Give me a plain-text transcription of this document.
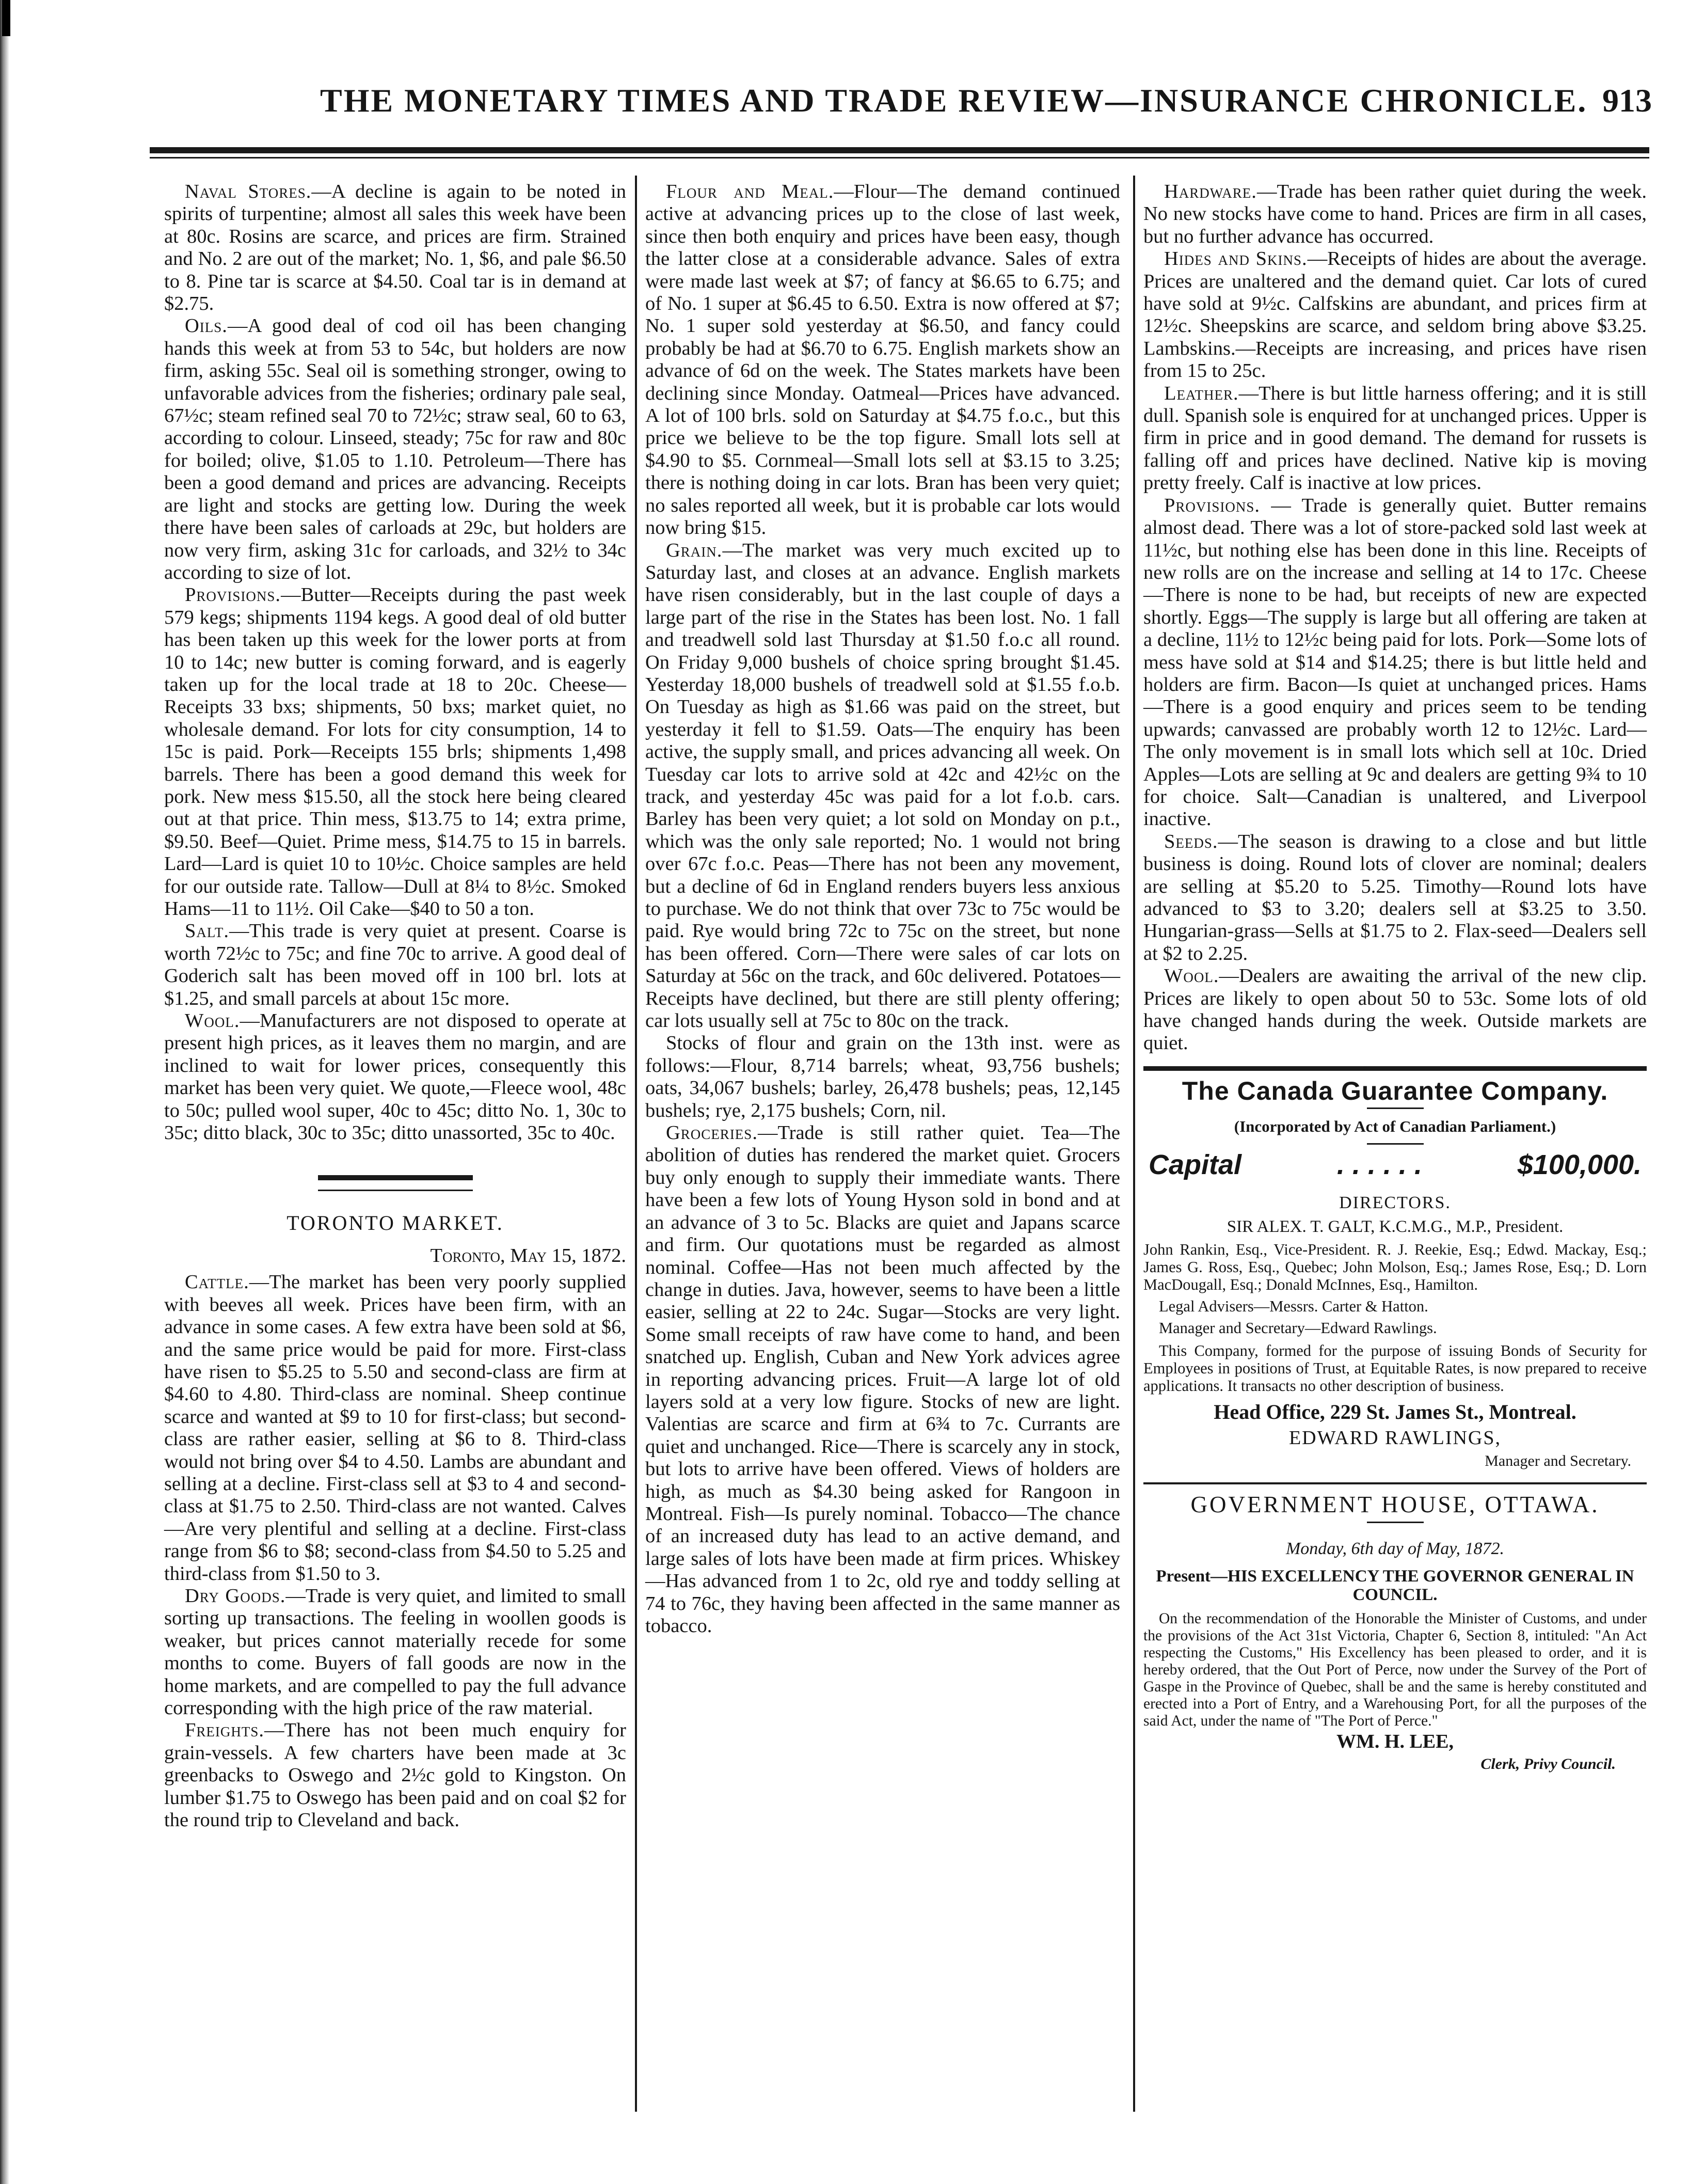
THE MONETARY TIMES AND TRADE REVIEW—INSURANCE CHRONICLE. 913

Naval Stores.—A decline is again to be noted in spirits of turpentine; almost all sales this week have been at 80c. Rosins are scarce, and prices are firm. Strained and No. 2 are out of the market; No. 1, $6, and pale $6.50 to 8. Pine tar is scarce at $4.50. Coal tar is in demand at $2.75.

Oils.—A good deal of cod oil has been changing hands this week at from 53 to 54c, but holders are now firm, asking 55c. Seal oil is something stronger, owing to unfavorable advices from the fisheries; ordinary pale seal, 67½c; steam refined seal 70 to 72½c; straw seal, 60 to 63, according to colour. Linseed, steady; 75c for raw and 80c for boiled; olive, $1.05 to 1.10. Petroleum—There has been a good demand and prices are advancing. Receipts are light and stocks are getting low. During the week there have been sales of carloads at 29c, but holders are now very firm, asking 31c for carloads, and 32½ to 34c according to size of lot.

Provisions.—Butter—Receipts during the past week 579 kegs; shipments 1194 kegs. A good deal of old butter has been taken up this week for the lower ports at from 10 to 14c; new butter is coming forward, and is eagerly taken up for the local trade at 18 to 20c. Cheese—Receipts 33 bxs; shipments, 50 bxs; market quiet, no wholesale demand. For lots for city consumption, 14 to 15c is paid. Pork—Receipts 155 brls; shipments 1,498 barrels. There has been a good demand this week for pork. New mess $15.50, all the stock here being cleared out at that price. Thin mess, $13.75 to 14; extra prime, $9.50. Beef—Quiet. Prime mess, $14.75 to 15 in barrels. Lard—Lard is quiet 10 to 10½c. Choice samples are held for our outside rate. Tallow—Dull at 8¼ to 8½c. Smoked Hams—11 to 11½. Oil Cake—$40 to 50 a ton.

Salt.—This trade is very quiet at present. Coarse is worth 72½c to 75c; and fine 70c to arrive. A good deal of Goderich salt has been moved off in 100 brl. lots at $1.25, and small parcels at about 15c more.

Wool.—Manufacturers are not disposed to operate at present high prices, as it leaves them no margin, and are inclined to wait for lower prices, consequently this market has been very quiet. We quote,—Fleece wool, 48c to 50c; pulled wool super, 40c to 45c; ditto No. 1, 30c to 35c; ditto black, 30c to 35c; ditto unassorted, 35c to 40c.

TORONTO MARKET.

Toronto, May 15, 1872.

Cattle.—The market has been very poorly supplied with beeves all week. Prices have been firm, with an advance in some cases. A few extra have been sold at $6, and the same price would be paid for more. First-class have risen to $5.25 to 5.50 and second-class are firm at $4.60 to 4.80. Third-class are nominal. Sheep continue scarce and wanted at $9 to 10 for first-class; but second-class are rather easier, selling at $6 to 8. Third-class would not bring over $4 to 4.50. Lambs are abundant and selling at a decline. First-class sell at $3 to 4 and second-class at $1.75 to 2.50. Third-class are not wanted. Calves—Are very plentiful and selling at a decline. First-class range from $6 to $8; second-class from $4.50 to 5.25 and third-class from $1.50 to 3.

Dry Goods.—Trade is very quiet, and limited to small sorting up transactions. The feeling in woollen goods is weaker, but prices cannot materially recede for some months to come. Buyers of fall goods are now in the home markets, and are compelled to pay the full advance corresponding with the high price of the raw material.

Freights.—There has not been much enquiry for grain-vessels. A few charters have been made at 3c greenbacks to Oswego and 2½c gold to Kingston. On lumber $1.75 to Oswego has been paid and on coal $2 for the round trip to Cleveland and back.

Flour and Meal.—Flour—The demand continued active at advancing prices up to the close of last week, since then both enquiry and prices have been easy, though the latter close at a considerable advance. Sales of extra were made last week at $7; of fancy at $6.65 to 6.75; and of No. 1 super at $6.45 to 6.50. Extra is now offered at $7; No. 1 super sold yesterday at $6.50, and fancy could probably be had at $6.70 to 6.75. English markets show an advance of 6d on the week. The States markets have been declining since Monday. Oatmeal—Prices have advanced. A lot of 100 brls. sold on Saturday at $4.75 f.o.c., but this price we believe to be the top figure. Small lots sell at $4.90 to $5. Cornmeal—Small lots sell at $3.15 to 3.25; there is nothing doing in car lots. Bran has been very quiet; no sales reported all week, but it is probable car lots would now bring $15.

Grain.—The market was very much excited up to Saturday last, and closes at an advance. English markets have risen considerably, but in the last couple of days a large part of the rise in the States has been lost. No. 1 fall and treadwell sold last Thursday at $1.50 f.o.c all round. On Friday 9,000 bushels of choice spring brought $1.45. Yesterday 18,000 bushels of treadwell sold at $1.55 f.o.b. On Tuesday as high as $1.66 was paid on the street, but yesterday it fell to $1.59. Oats—The enquiry has been active, the supply small, and prices advancing all week. On Tuesday car lots to arrive sold at 42c and 42½c on the track, and yesterday 45c was paid for a lot f.o.b. cars. Barley has been very quiet; a lot sold on Monday on p.t., which was the only sale reported; No. 1 would not bring over 67c f.o.c. Peas—There has not been any movement, but a decline of 6d in England renders buyers less anxious to purchase. We do not think that over 73c to 75c would be paid. Rye would bring 72c to 75c on the street, but none has been offered. Corn—There were sales of car lots on Saturday at 56c on the track, and 60c delivered. Potatoes—Receipts have declined, but there are still plenty offering; car lots usually sell at 75c to 80c on the track.

Stocks of flour and grain on the 13th inst. were as follows:—Flour, 8,714 barrels; wheat, 93,756 bushels; oats, 34,067 bushels; barley, 26,478 bushels; peas, 12,145 bushels; rye, 2,175 bushels; Corn, nil.

Groceries.—Trade is still rather quiet. Tea—The abolition of duties has rendered the market quiet. Grocers buy only enough to supply their immediate wants. There have been a few lots of Young Hyson sold in bond and at an advance of 3 to 5c. Blacks are quiet and Japans scarce and firm. Our quotations must be regarded as almost nominal. Coffee—Has not been much affected by the change in duties. Java, however, seems to have been a little easier, selling at 22 to 24c. Sugar—Stocks are very light. Some small receipts of raw have come to hand, and been snatched up. English, Cuban and New York advices agree in reporting advancing prices. Fruit—A large lot of old layers sold at a very low figure. Stocks of new are light. Valentias are scarce and firm at 6¾ to 7c. Currants are quiet and unchanged. Rice—There is scarcely any in stock, but lots to arrive have been offered. Views of holders are high, as much as $4.30 being asked for Rangoon in Montreal. Fish—Is purely nominal. Tobacco—The chance of an increased duty has lead to an active demand, and large sales of lots have been made at firm prices. Whiskey—Has advanced from 1 to 2c, old rye and toddy selling at 74 to 76c, they having been affected in the same manner as tobacco.

Hardware.—Trade has been rather quiet during the week. No new stocks have come to hand. Prices are firm in all cases, but no further advance has occurred.

Hides and Skins.—Receipts of hides are about the average. Prices are unaltered and the demand quiet. Car lots of cured have sold at 9½c. Calfskins are abundant, and prices firm at 12½c. Sheepskins are scarce, and seldom bring above $3.25. Lambskins.—Receipts are increasing, and prices have risen from 15 to 25c.

Leather.—There is but little harness offering; and it is still dull. Spanish sole is enquired for at unchanged prices. Upper is firm in price and in good demand. The demand for russets is falling off and prices have declined. Native kip is moving pretty freely. Calf is inactive at low prices.

Provisions. — Trade is generally quiet. Butter remains almost dead. There was a lot of store-packed sold last week at 11½c, but nothing else has been done in this line. Receipts of new rolls are on the increase and selling at 14 to 17c. Cheese—There is none to be had, but receipts of new are expected shortly. Eggs—The supply is large but all offering are taken at a decline, 11½ to 12½c being paid for lots. Pork—Some lots of mess have sold at $14 and $14.25; there is but little held and holders are firm. Bacon—Is quiet at unchanged prices. Hams—There is a good enquiry and prices seem to be tending upwards; canvassed are probably worth 12 to 12½c. Lard—The only movement is in small lots which sell at 10c. Dried Apples—Lots are selling at 9c and dealers are getting 9¾ to 10 for choice. Salt—Canadian is unaltered, and Liverpool inactive.

Seeds.—The season is drawing to a close and but little business is doing. Round lots of clover are nominal; dealers are selling at $5.20 to 5.25. Timothy—Round lots have advanced to $3 to 3.20; dealers sell at $3.25 to 3.50. Hungarian-grass—Sells at $1.75 to 2. Flax-seed—Dealers sell at $2 to 2.25.

Wool.—Dealers are awaiting the arrival of the new clip. Prices are likely to open about 50 to 53c. Some lots of old have changed hands during the week. Outside markets are quiet.

The Canada Guarantee Company.

(Incorporated by Act of Canadian Parliament.)

Capital	. . . . . .	$100,000.

DIRECTORS.

SIR ALEX. T. GALT, K.C.M.G., M.P., President.

John Rankin, Esq., Vice-President. R. J. Reekie, Esq.; Edwd. Mackay, Esq.; James G. Ross, Esq., Quebec; John Molson, Esq.; James Rose, Esq.; D. Lorn MacDougall, Esq.; Donald McInnes, Esq., Hamilton.

Legal Advisers—Messrs. Carter & Hatton.

Manager and Secretary—Edward Rawlings.

This Company, formed for the purpose of issuing Bonds of Security for Employees in positions of Trust, at Equitable Rates, is now prepared to receive applications. It transacts no other description of business.

Head Office, 229 St. James St., Montreal.

EDWARD RAWLINGS,

Manager and Secretary.

GOVERNMENT HOUSE, OTTAWA.

Monday, 6th day of May, 1872.

Present—HIS EXCELLENCY THE GOVERNOR GENERAL IN COUNCIL.

On the recommendation of the Honorable the Minister of Customs, and under the provisions of the Act 31st Victoria, Chapter 6, Section 8, intituled: "An Act respecting the Customs," His Excellency has been pleased to order, and it is hereby ordered, that the Out Port of Perce, now under the Survey of the Port of Gaspe in the Province of Quebec, shall be and the same is hereby constituted and erected into a Port of Entry, and a Warehousing Port, for all the purposes of the said Act, under the name of "The Port of Perce."

WM. H. LEE,

Clerk, Privy Council.
